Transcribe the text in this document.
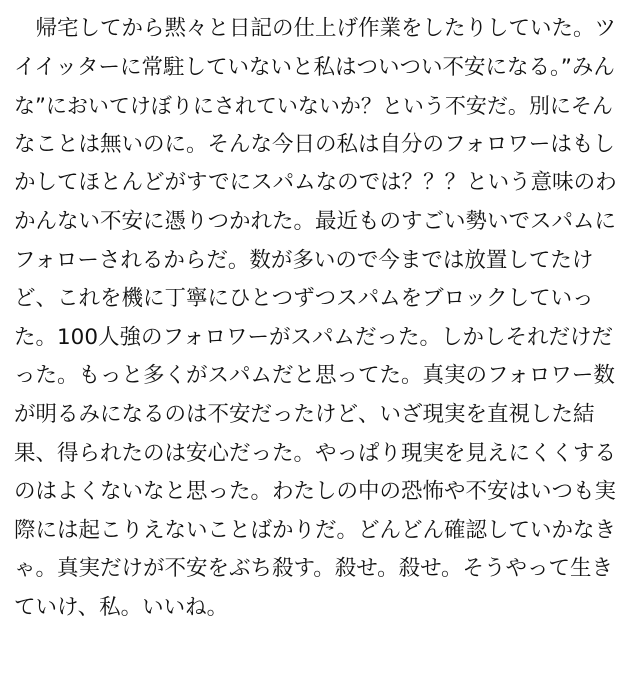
　帰宅してから黙々と日記の仕上げ作業をしたりしていた。ツ
イイッターに常駐していないと私はついつい不安になる。”みん
な”においてけぼりにされていないか？という不安だ。別にそん
なことは無いのに。そんな今日の私は自分のフォロワーはもし
かしてほとんどがすでにスパムなのでは？？？という意味のわ
かんない不安に憑りつかれた。最近ものすごい勢いでスパムに
フォローされるからだ。数が多いので今までは放置してたけ
ど、これを機に丁寧にひとつずつスパムをブロックしていっ
た。100人強のフォロワーがスパムだった。しかしそれだけだ
った。もっと多くがスパムだと思ってた。真実のフォロワー数
が明るみになるのは不安だったけど、いざ現実を直視した結
果、得られたのは安心だった。やっぱり現実を見えにくくする
のはよくないなと思った。わたしの中の恐怖や不安はいつも実
際には起こりえないことばかりだ。どんどん確認していかなき
ゃ。真実だけが不安をぶち殺す。殺せ。殺せ。そうやって生き
ていけ、私。いいね。
